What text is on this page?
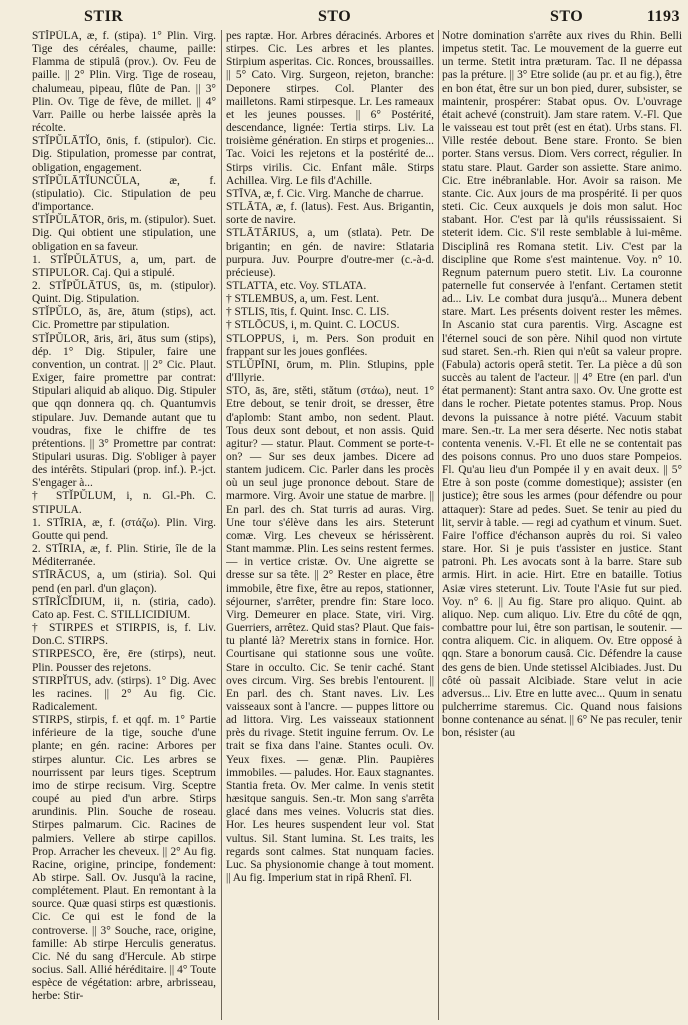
STIR	STO	STO	1193

STĬPŬLA, æ, f. (stipa). 1° Plin. Virg. Tige des céréales, chaume, paille: Flamma de stipulâ (prov.). Ov. Feu de paille. || 2° Plin. Virg. Tige de roseau, chalumeau, pipeau, flûte de Pan. || 3° Plin. Ov. Tige de fève, de millet. || 4° Varr. Paille ou herbe laissée après la récolte.

STĬPŬLĀTĬO, ōnis, f. (stipulor). Cic. Dig. Stipulation, promesse par contrat, obligation, engagement.

STĬPŬLĀTĬUNCŬLA, æ, f. (stipulatio). Cic. Stipulation de peu d'importance.

STĬPŬLĀTOR, ōris, m. (stipulor). Suet. Dig. Qui obtient une stipulation, une obligation en sa faveur.

1. STĬPŬLĀTUS, a, um, part. de STIPULOR. Caj. Qui a stipulé.

2. STĬPŬLĀTUS, ūs, m. (stipulor). Quint. Dig. Stipulation.

STĬPŬLO, ās, āre, ātum (stips), act. Cic. Promettre par stipulation.

STĬPŬLOR, āris, āri, ātus sum (stips), dép. 1° Dig. Stipuler, faire une convention, un contrat. || 2° Cic. Plaut. Exiger, faire promettre par contrat: Stipulari aliquid ab aliquo. Dig. Stipuler que qqn donnera qq. ch. Quantumvis stipulare. Juv. Demande autant que tu voudras, fixe le chiffre de tes prétentions. || 3° Promettre par contrat: Stipulari usuras. Dig. S'obliger à payer des intérêts. Stipulari (prop. inf.). P.-jct. S'engager à...

† STĬPŬLUM, i, n. Gl.-Ph. C. STIPULA.

1. STĪRIA, æ, f. (στάζω). Plin. Virg. Goutte qui pend.

2. STĪRIA, æ, f. Plin. Stirie, île de la Méditerranée.

STĪRĀCUS, a, um (stiria). Sol. Qui pend (en parl. d'un glaçon).

STĪRĬCĬDIUM, ii, n. (stiria, cado). Cato ap. Fest. C. STILLICIDIUM.

† STIRPES et STIRPIS, is, f. Liv. Don.C. STIRPS.

STIRPESCO, ĕre, ēre (stirps), neut. Plin. Pousser des rejetons.

STIRPĬTUS, adv. (stirps). 1° Dig. Avec les racines. || 2° Au fig. Cic. Radicalement.

STIRPS, stirpis, f. et qqf. m. 1° Partie inférieure de la tige, souche d'une plante; en gén. racine: Arbores per stirpes aluntur. Cic. Les arbres se nourrissent par leurs tiges. Sceptrum imo de stirpe recisum. Virg. Sceptre coupé au pied d'un arbre. Stirps arundinis. Plin. Souche de roseau. Stirpes palmarum. Cic. Racines de palmiers. Vellere ab stirpe capillos. Prop. Arracher les cheveux. || 2° Au fig. Racine, origine, principe, fondement: Ab stirpe. Sall. Ov. Jusqu'à la racine, complétement. Plaut. En remontant à la source. Quæ quasi stirps est quæstionis. Cic. Ce qui est le fond de la controverse. || 3° Souche, race, origine, famille: Ab stirpe Herculis generatus. Cic. Né du sang d'Hercule. Ab stirpe socius. Sall. Allié héréditaire. || 4° Toute espèce de végétation: arbre, arbrisseau, herbe: Stir-

pes raptæ. Hor. Arbres déracinés. Arbores et stirpes. Cic. Les arbres et les plantes. Stirpium asperitas. Cic. Ronces, broussailles. || 5° Cato. Virg. Surgeon, rejeton, branche: Deponere stirpes. Col. Planter des mailletons. Rami stirpesque. Lr. Les rameaux et les jeunes pousses. || 6° Postérité, descendance, lignée: Tertia stirps. Liv. La troisième génération. En stirps et progenies... Tac. Voici les rejetons et la postérité de... Stirps virilis. Cic. Enfant mâle. Stirps Achillea. Virg. Le fils d'Achille.

STĪVA, æ, f. Cic. Virg. Manche de charrue.

STLĀTA, æ, f. (latus). Fest. Aus. Brigantin, sorte de navire.

STLĀTĀRIUS, a, um (stlata). Petr. De brigantin; en gén. de navire: Stlataria purpura. Juv. Pourpre d'outre-mer (c.-à-d. précieuse).

STLATTA, etc. Voy. STLATA.

† STLEMBUS, a, um. Fest. Lent.

† STLIS, ītis, f. Quint. Insc. C. LIS.

† STLŌCUS, i, m. Quint. C. LOCUS.

STLOPPUS, i, m. Pers. Son produit en frappant sur les joues gonflées.

STLŬPĪNI, ōrum, m. Plin. Stlupins, pple d'Illyrie.

STO, ās, āre, stĕti, stătum (στάω), neut. 1° Etre debout, se tenir droit, se dresser, être d'aplomb: Stant ambo, non sedent. Plaut. Tous deux sont debout, et non assis. Quid agitur? — statur. Plaut. Comment se porte-t-on? — Sur ses deux jambes. Dicere ad stantem judicem. Cic. Parler dans les procès où un seul juge prononce debout. Stare de marmore. Virg. Avoir une statue de marbre. || En parl. des ch. Stat turris ad auras. Virg. Une tour s'élève dans les airs. Steterunt comæ. Virg. Les cheveux se hérissèrent. Stant mammæ. Plin. Les seins restent fermes. — in vertice cristæ. Ov. Une aigrette se dresse sur sa tête. || 2° Rester en place, être immobile, être fixe, être au repos, stationner, séjourner, s'arrêter, prendre fin: Stare loco. Virg. Demeurer en place. State, viri. Virg. Guerriers, arrêtez. Quid stas? Plaut. Que fais-tu planté là? Meretrix stans in fornice. Hor. Courtisane qui stationne sous une voûte. Stare in occulto. Cic. Se tenir caché. Stant oves circum. Virg. Ses brebis l'entourent. || En parl. des ch. Stant naves. Liv. Les vaisseaux sont à l'ancre. — puppes littore ou ad littora. Virg. Les vaisseaux stationnent près du rivage. Stetit inguine ferrum. Ov. Le trait se fixa dans l'aine. Stantes oculi. Ov. Yeux fixes. — genæ. Plin. Paupières immobiles. — paludes. Hor. Eaux stagnantes. Stantia freta. Ov. Mer calme. In venis stetit hæsitque sanguis. Sen.-tr. Mon sang s'arrêta glacé dans mes veines. Volucris stat dies. Hor. Les heures suspendent leur vol. Stat vultus. Sil. Stant lumina. St. Les traits, les regards sont calmes. Stat nunquam facies. Luc. Sa physionomie change à tout moment. || Au fig. Imperium stat in ripâ Rhenî. Fl.

Notre domination s'arrête aux rives du Rhin. Belli impetus stetit. Tac. Le mouvement de la guerre eut un terme. Stetit intra præturam. Tac. Il ne dépassa pas la préture. || 3° Etre solide (au pr. et au fig.), être en bon état, être sur un bon pied, durer, subsister, se maintenir, prospérer: Stabat opus. Ov. L'ouvrage était achevé (construit). Jam stare ratem. V.-Fl. Que le vaisseau est tout prêt (est en état). Urbs stans. Fl. Ville restée debout. Bene stare. Fronto. Se bien porter. Stans versus. Diom. Vers correct, régulier. In statu stare. Plaut. Garder son assiette. Stare animo. Cic. Etre inébranlable. Hor. Avoir sa raison. Me stante. Cic. Aux jours de ma prospérité. Ii per quos steti. Cic. Ceux auxquels je dois mon salut. Hoc stabant. Hor. C'est par là qu'ils réussissaient. Si steterit idem. Cic. S'il reste semblable à lui-même. Disciplinâ res Romana stetit. Liv. C'est par la discipline que Rome s'est maintenue. Voy. n° 10. Regnum paternum puero stetit. Liv. La couronne paternelle fut conservée à l'enfant. Certamen stetit ad... Liv. Le combat dura jusqu'à... Munera debent stare. Mart. Les présents doivent rester les mêmes. In Ascanio stat cura parentis. Virg. Ascagne est l'éternel souci de son père. Nihil quod non virtute sud staret. Sen.-rh. Rien qui n'eût sa valeur propre. (Fabula) actoris operâ stetit. Ter. La pièce a dû son succès au talent de l'acteur. || 4° Etre (en parl. d'un état permanent): Stant antra saxo. Ov. Une grotte est dans le rocher. Pietate potentes stamus. Prop. Nous devons la puissance à notre piété. Vacuum stabit mare. Sen.-tr. La mer sera déserte. Nec notis stabat contenta venenis. V.-Fl. Et elle ne se contentait pas des poisons connus. Pro uno duos stare Pompeios. Fl. Qu'au lieu d'un Pompée il y en avait deux. || 5° Etre à son poste (comme domestique); assister (en justice); être sous les armes (pour défendre ou pour attaquer): Stare ad pedes. Suet. Se tenir au pied du lit, servir à table. — regi ad cyathum et vinum. Suet. Faire l'office d'échanson auprès du roi. Si valeo stare. Hor. Si je puis t'assister en justice. Stant patroni. Ph. Les avocats sont à la barre. Stare sub armis. Hirt. in acie. Hirt. Etre en bataille. Totius Asiæ vires steterunt. Liv. Toute l'Asie fut sur pied. Voy. n° 6. || Au fig. Stare pro aliquo. Quint. ab aliquo. Nep. cum aliquo. Liv. Etre du côté de qqn, combattre pour lui, être son partisan, le soutenir. — contra aliquem. Cic. in aliquem. Ov. Etre opposé à qqn. Stare a bonorum causâ. Cic. Défendre la cause des gens de bien. Unde stetissel Alcibiades. Just. Du côté où passait Alcibiade. Stare velut in acie adversus... Liv. Etre en lutte avec... Quum in senatu pulcherrime staremus. Cic. Quand nous faisions bonne contenance au sénat. || 6° Ne pas reculer, tenir bon, résister (au
